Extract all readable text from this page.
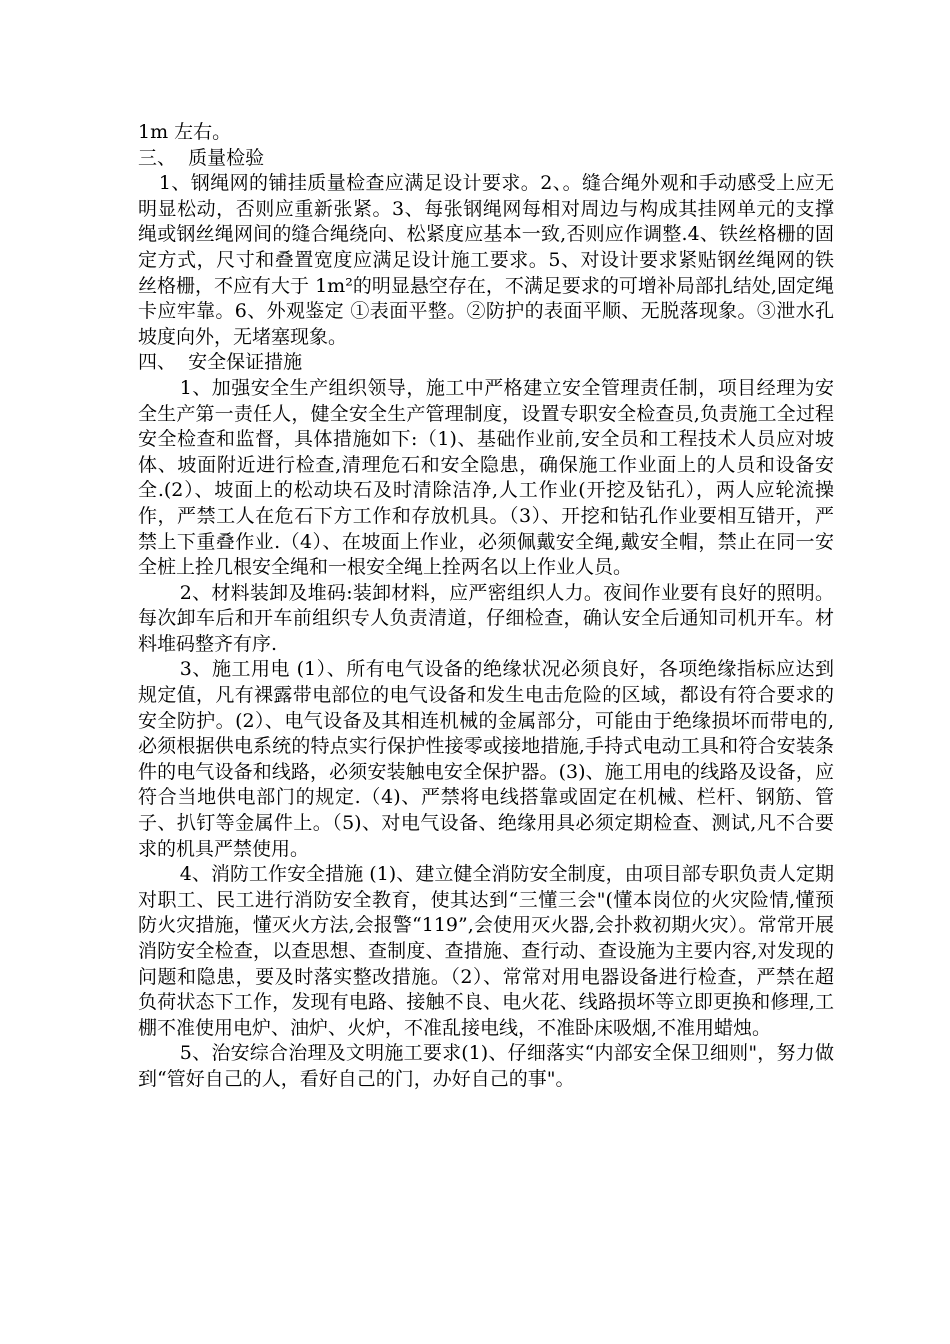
1m 左右。

三、  质量检验

1、钢绳网的铺挂质量检查应满足设计要求。2、。缝合绳外观和手动感受上应无明显松动，否则应重新张紧。3、每张钢绳网每相对周边与构成其挂网单元的支撑绳或钢丝绳网间的缝合绳绕向、松紧度应基本一致,否则应作调整.4、铁丝格栅的固定方式，尺寸和叠置宽度应满足设计施工要求。5、对设计要求紧贴钢丝绳网的铁丝格栅，不应有大于 1m²的明显悬空存在，不满足要求的可增补局部扎结处,固定绳卡应牢靠。6、外观鉴定 ①表面平整。②防护的表面平顺、无脱落现象。③泄水孔坡度向外，无堵塞现象。

四、  安全保证措施

1、加强安全生产组织领导，施工中严格建立安全管理责任制，项目经理为安全生产第一责任人，健全安全生产管理制度，设置专职安全检查员,负责施工全过程安全检查和监督，具体措施如下:（1)、基础作业前,安全员和工程技术人员应对坡体、坡面附近进行检查,清理危石和安全隐患，确保施工作业面上的人员和设备安全.(2）、坡面上的松动块石及时清除洁净,人工作业(开挖及钻孔），两人应轮流操作，严禁工人在危石下方工作和存放机具。（3）、开挖和钻孔作业要相互错开，严禁上下重叠作业.（4）、在坡面上作业，必须佩戴安全绳,戴安全帽，禁止在同一安全桩上拴几根安全绳和一根安全绳上拴两名以上作业人员。

2、材料装卸及堆码:装卸材料，应严密组织人力。夜间作业要有良好的照明。每次卸车后和开车前组织专人负责清道，仔细检查，确认安全后通知司机开车。材料堆码整齐有序.

3、施工用电 (1）、所有电气设备的绝缘状况必须良好，各项绝缘指标应达到规定值，凡有裸露带电部位的电气设备和发生电击危险的区域，都设有符合要求的安全防护。(2）、电气设备及其相连机械的金属部分，可能由于绝缘损坏而带电的,必须根据供电系统的特点实行保护性接零或接地措施,手持式电动工具和符合安装条件的电气设备和线路，必须安装触电安全保护器。(3)、施工用电的线路及设备，应符合当地供电部门的规定.（4)、严禁将电线搭靠或固定在机械、栏杆、钢筋、管子、扒钉等金属件上。（5)、对电气设备、绝缘用具必须定期检查、测试,凡不合要求的机具严禁使用。

4、消防工作安全措施 (1)、建立健全消防安全制度，由项目部专职负责人定期对职工、民工进行消防安全教育，使其达到“三懂三会"(懂本岗位的火灾险情,懂预防火灾措施，懂灭火方法,会报警“119”,会使用灭火器,会扑救初期火灾）。常常开展消防安全检查，以查思想、查制度、查措施、查行动、查设施为主要内容,对发现的问题和隐患，要及时落实整改措施。（2）、常常对用电器设备进行检查，严禁在超负荷状态下工作，发现有电路、接触不良、电火花、线路损坏等立即更换和修理,工棚不准使用电炉、油炉、火炉，不准乱接电线，不准卧床吸烟,不准用蜡烛。

5、治安综合治理及文明施工要求(1)、仔细落实“内部安全保卫细则"，努力做到“管好自己的人，看好自己的门，办好自己的事"。
